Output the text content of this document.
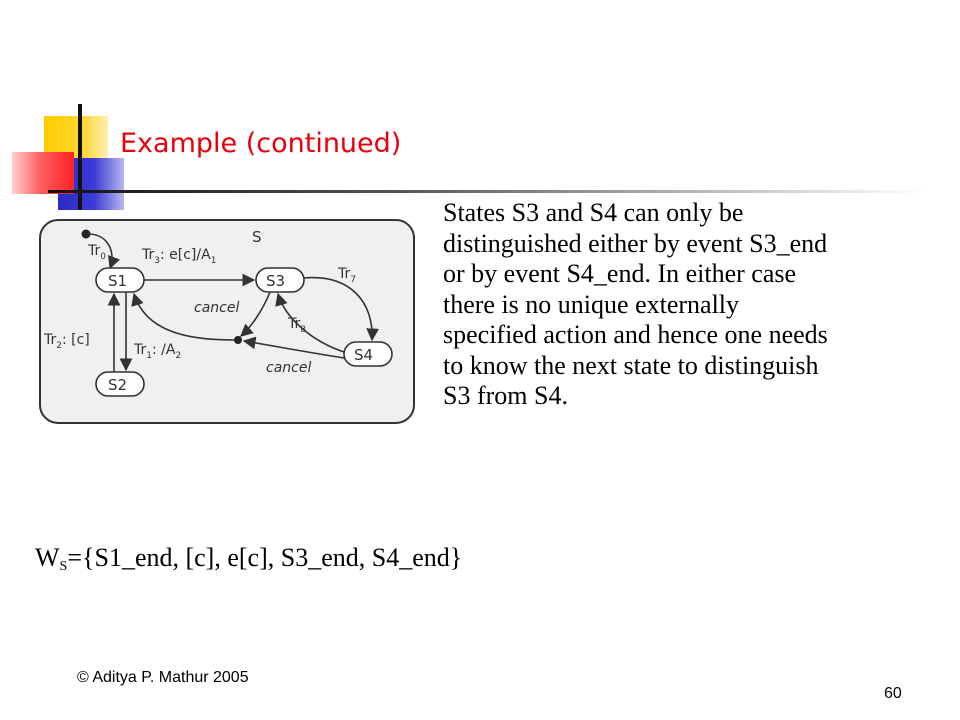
Example (continued)
S
$Tr_0$
S1
S2
S3
S4
$Tr_3$: $e[c]/A_1$
$Tr_7$
$Tr_8$
cancel
cancel
$Tr_1$: $/A_2$
$Tr_2$: [c]
States S3 and S4 can only be
distinguished either by event S3_end
or by event S4_end. In either case
there is no unique externally
specified action and hence one needs
to know the next state to distinguish
S3 from S4.
$W_S=\{S1\_end$, [c], e[c], S3_end, S4_end}
© Aditya P. Mathur 2005
60
